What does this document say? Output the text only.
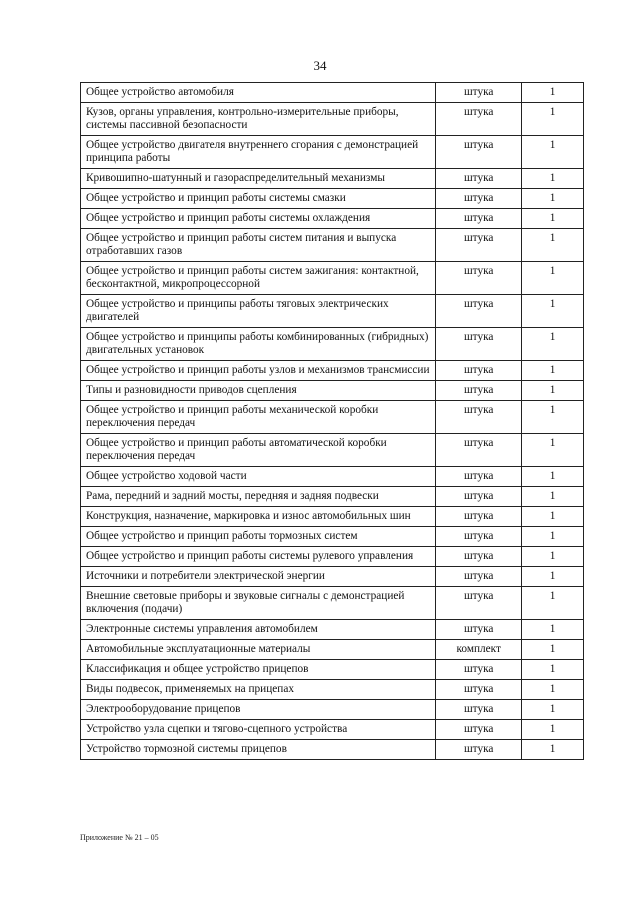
34
Общее устройство автомобиля	штука	1
Кузов, органы управления, контрольно-измерительные приборы, системы пассивной безопасности	штука	1
Общее устройство двигателя внутреннего сгорания с демонстрацией принципа работы	штука	1
Кривошипно-шатунный и газораспределительный механизмы	штука	1
Общее устройство и принцип работы системы смазки	штука	1
Общее устройство и принцип работы системы охлаждения	штука	1
Общее устройство и принцип работы систем питания и выпуска отработавших газов	штука	1
Общее устройство и принцип работы систем зажигания: контактной, бесконтактной, микропроцессорной	штука	1
Общее устройство и принципы работы тяговых электрических двигателей	штука	1
Общее устройство и принципы работы комбинированных (гибридных) двигательных установок	штука	1
Общее устройство и принцип работы узлов и механизмов трансмиссии	штука	1
Типы и разновидности приводов сцепления	штука	1
Общее устройство и принцип работы механической коробки переключения передач	штука	1
Общее устройство и принцип работы автоматической коробки переключения передач	штука	1
Общее устройство ходовой части	штука	1
Рама, передний и задний мосты, передняя и задняя подвески	штука	1
Конструкция, назначение, маркировка и износ автомобильных шин	штука	1
Общее устройство и принцип работы тормозных систем	штука	1
Общее устройство и принцип работы системы рулевого управления	штука	1
Источники и потребители электрической энергии	штука	1
Внешние световые приборы и звуковые сигналы с демонстрацией включения (подачи)	штука	1
Электронные системы управления автомобилем	штука	1
Автомобильные эксплуатационные материалы	комплект	1
Классификация и общее устройство прицепов	штука	1
Виды подвесок, применяемых на прицепах	штука	1
Электрооборудование прицепов	штука	1
Устройство узла сцепки и тягово-сцепного устройства	штука	1
Устройство тормозной системы прицепов	штука	1
Приложение № 21 – 05
